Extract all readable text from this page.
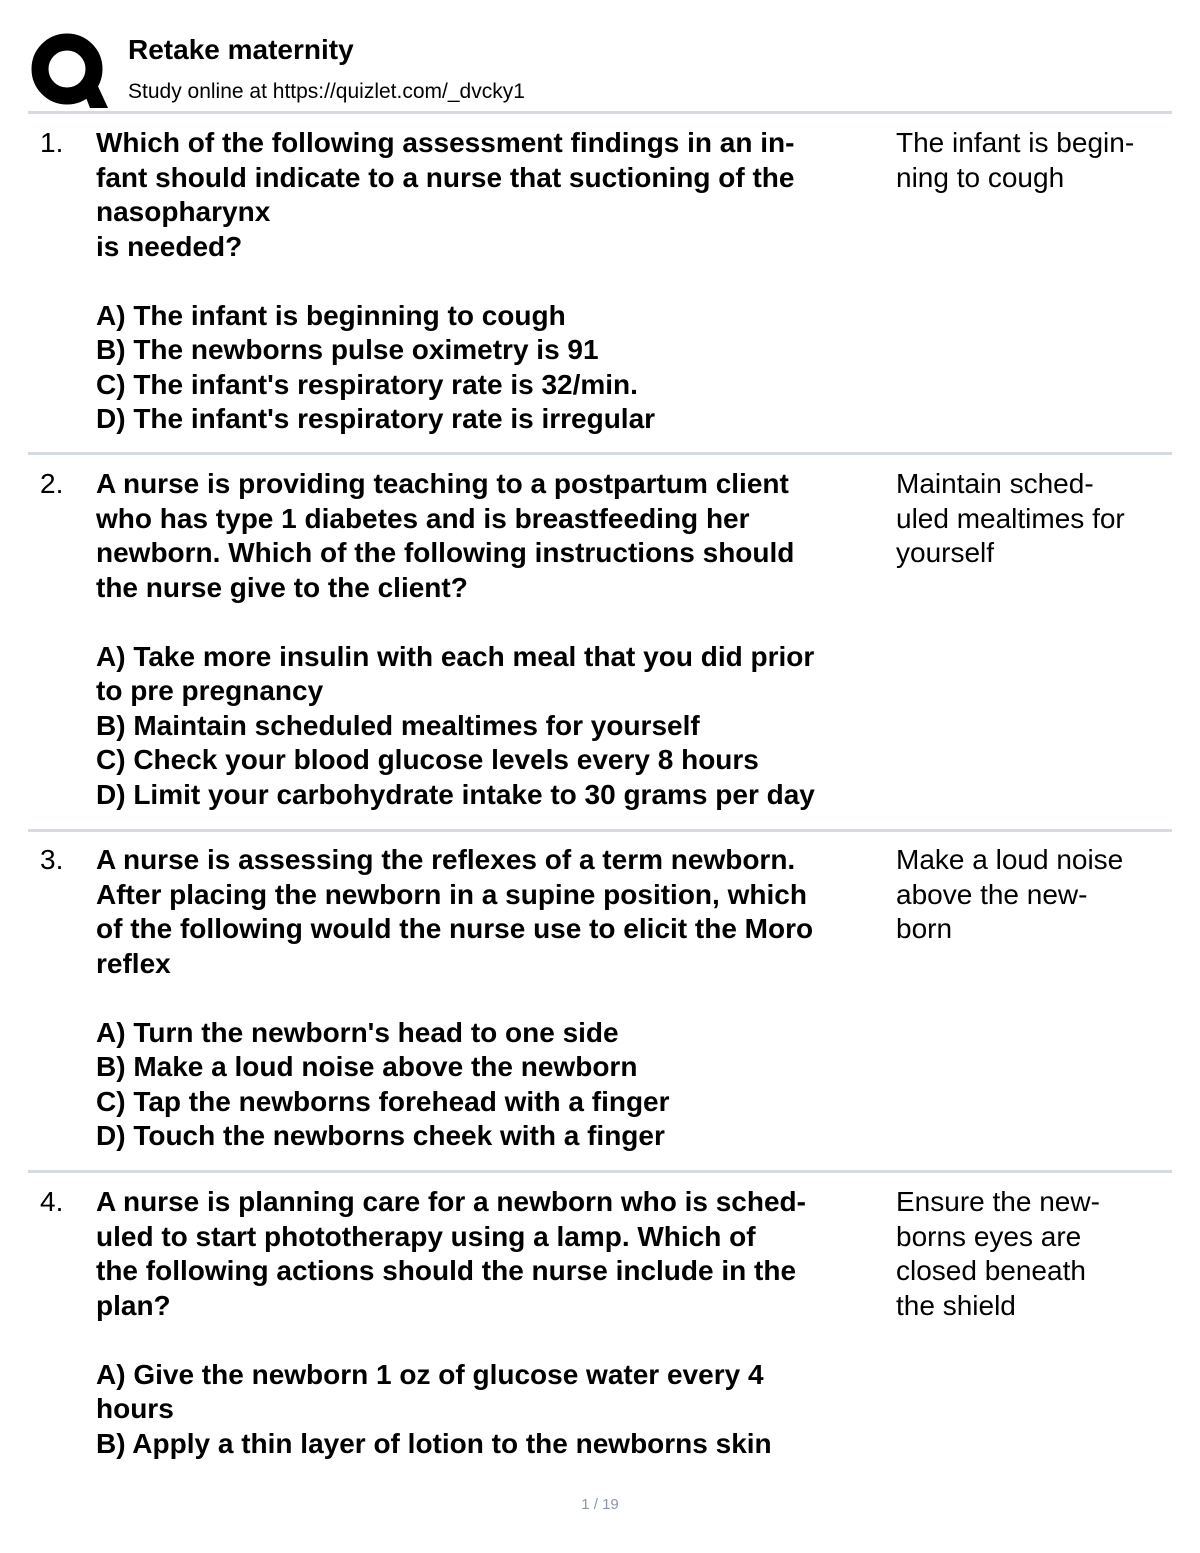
Retake maternity
Study online at https://quizlet.com/_dvcky1
1. Which of the following assessment findings in an in-
fant should indicate to a nurse that suctioning of the
nasopharynx
is needed?
A) The infant is beginning to cough
B) The newborns pulse oximetry is 91
C) The infant's respiratory rate is 32/min.
D) The infant's respiratory rate is irregular
The infant is begin-
ning to cough
2. A nurse is providing teaching to a postpartum client
who has type 1 diabetes and is breastfeeding her
newborn. Which of the following instructions should
the nurse give to the client?
A) Take more insulin with each meal that you did prior
to pre pregnancy
B) Maintain scheduled mealtimes for yourself
C) Check your blood glucose levels every 8 hours
D) Limit your carbohydrate intake to 30 grams per day
Maintain sched-
uled mealtimes for
yourself
3. A nurse is assessing the reflexes of a term newborn.
After placing the newborn in a supine position, which
of the following would the nurse use to elicit the Moro
reflex
A) Turn the newborn's head to one side
B) Make a loud noise above the newborn
C) Tap the newborns forehead with a finger
D) Touch the newborns cheek with a finger
Make a loud noise
above the new-
born
4. A nurse is planning care for a newborn who is sched-
uled to start phototherapy using a lamp. Which of
the following actions should the nurse include in the
plan?
A) Give the newborn 1 oz of glucose water every 4
hours
B) Apply a thin layer of lotion to the newborns skin
Ensure the new-
borns eyes are
closed beneath
the shield
1 / 19
